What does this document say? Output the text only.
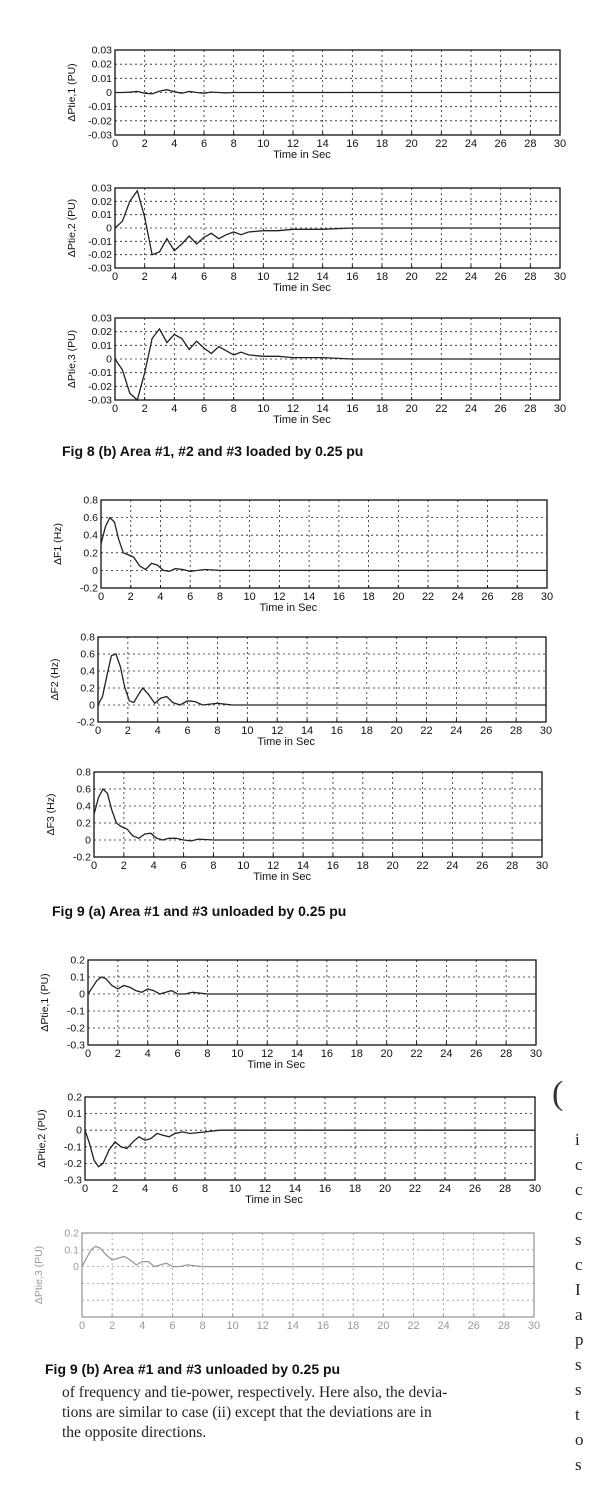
0 2 4 6 8 10 12 14 16 18 20 22 24 26 28 30
0.03
0.02
0.01
0
-0.01
-0.02
-0.03
Time in Sec
ΔPtie,1 (PU)
0 2 4 6 8 10 12 14 16 18 20 22 24 26 28 30
0.03
0.02
0.01
0
-0.01
-0.02
-0.03
Time in Sec
ΔPtie,2 (PU)
0 2 4 6 8 10 12 14 16 18 20 22 24 26 28 30
0.03
0.02
0.01
0
-0.01
-0.02
-0.03
Time in Sec
ΔPtie,3 (PU)
0 2 4 6 8 10 12 14 16 18 20 22 24 26 28 30
0.8
0.6
0.4
0.2
0
-0.2
Time in Sec
ΔF1 (Hz)
0 2 4 6 8 10 12 14 16 18 20 22 24 26 28 30
0.8
0.6
0.4
0.2
0
-0.2
Time in Sec
ΔF2 (Hz)
0 2 4 6 8 10 12 14 16 18 20 22 24 26 28 30
0.8
0.6
0.4
0.2
0
-0.2
Time in Sec
ΔF3 (Hz)
0 2 4 6 8 10 12 14 16 18 20 22 24 26 28 30
0.2
0.1
0
-0.1
-0.2
-0.3
Time in Sec
ΔPtie,1 (PU)
0 2 4 6 8 10 12 14 16 18 20 22 24 26 28 30
0.2
0.1
0
-0.1
-0.2
-0.3
Time in Sec
ΔPtie,2 (PU)
0 2 4 6 8 10 12 14 16 18 20 22 24 26 28 30
0.2
0.1
0
ΔPtie,3 (PU)
Fig 8 (b) Area #1, #2 and #3 loaded by 0.25 pu
Fig 9 (a) Area #1 and #3 unloaded by 0.25 pu
Fig 9 (b) Area #1 and #3 unloaded by 0.25 pu
of frequency and tie-power, respectively. Here also, the devia-
tions are similar to case (ii) except that the deviations are in
the opposite directions.
i
c
c
c
s
c
I
a
p
s
s
t
o
s
(
